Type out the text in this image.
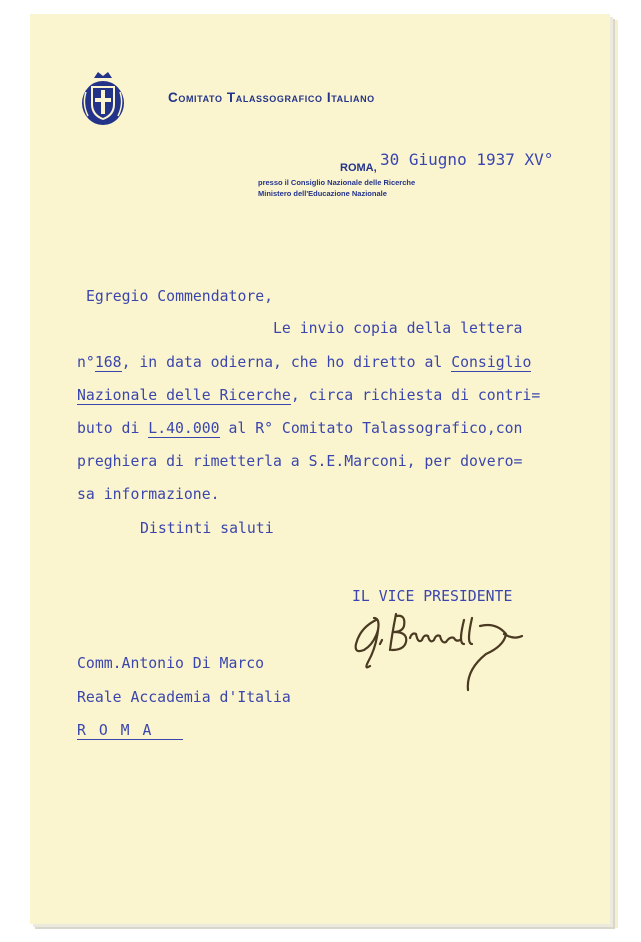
Comitato Talassografico Italiano
ROMA, 30 Giugno 1937 XV°
presso il Consiglio Nazionale delle Ricerche
Ministero dell'Educazione Nazionale
Egregio Commendatore,
Le invio copia della lettera
n°168, in data odierna, che ho diretto al Consiglio
Nazionale delle Ricerche, circa richiesta di contri=
buto di L.40.000 al R° Comitato Talassografico,con
preghiera di rimetterla a S.E.Marconi, per doverо=
sa informazione.
Distinti saluti
IL VICE PRESIDENTE
Comm.Antonio Di Marco
Reale Accademia d'Italia
R O M A
